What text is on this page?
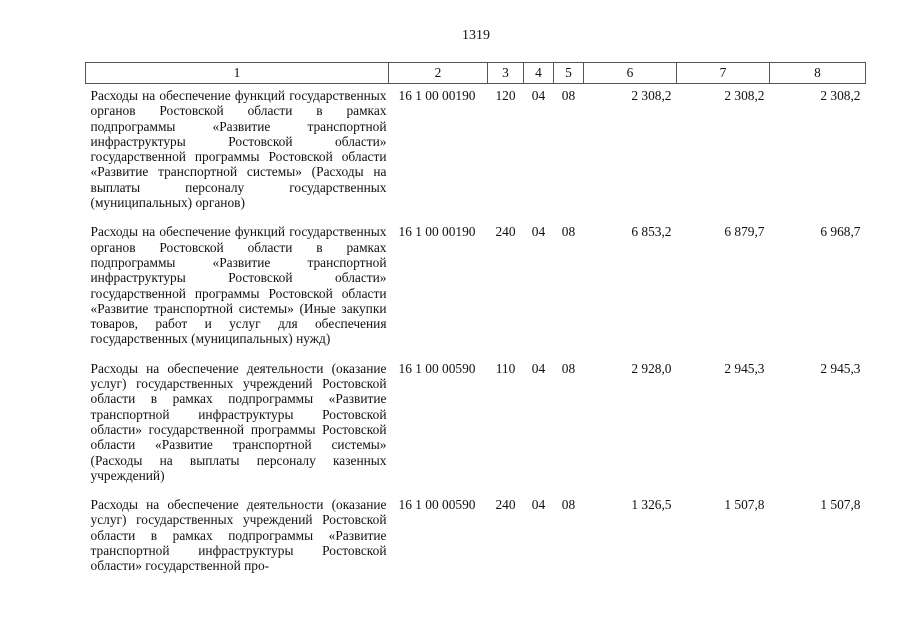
1319
1	2	3	4	5	6	7	8
Расходы на обеспечение функций государственных органов Ростовской области в рамках подпрограммы «Развитие транспортной инфраструктуры Ростовской области» государственной программы Ростовской области «Развитие транспортной системы» (Расходы на выплаты персоналу государственных (муниципальных) органов)	16 1 00 00190	120	04	08	2 308,2	2 308,2	2 308,2
Расходы на обеспечение функций государственных органов Ростовской области в рамках подпрограммы «Развитие транспортной инфраструктуры Ростовской области» государственной программы Ростовской области «Развитие транспортной системы» (Иные закупки товаров, работ и услуг для обеспечения государственных (муниципальных) нужд)	16 1 00 00190	240	04	08	6 853,2	6 879,7	6 968,7
Расходы на обеспечение деятельности (оказание услуг) государственных учреждений Ростовской области в рамках подпрограммы «Развитие транспортной инфраструктуры Ростовской области» государственной программы Ростовской области «Развитие транспортной системы» (Расходы на выплаты персоналу казенных учреждений)	16 1 00 00590	110	04	08	2 928,0	2 945,3	2 945,3
Расходы на обеспечение деятельности (оказание услуг) государственных учреждений Ростовской области в рамках подпрограммы «Развитие транспортной инфраструктуры Ростовской области» государственной про-	16 1 00 00590	240	04	08	1 326,5	1 507,8	1 507,8
